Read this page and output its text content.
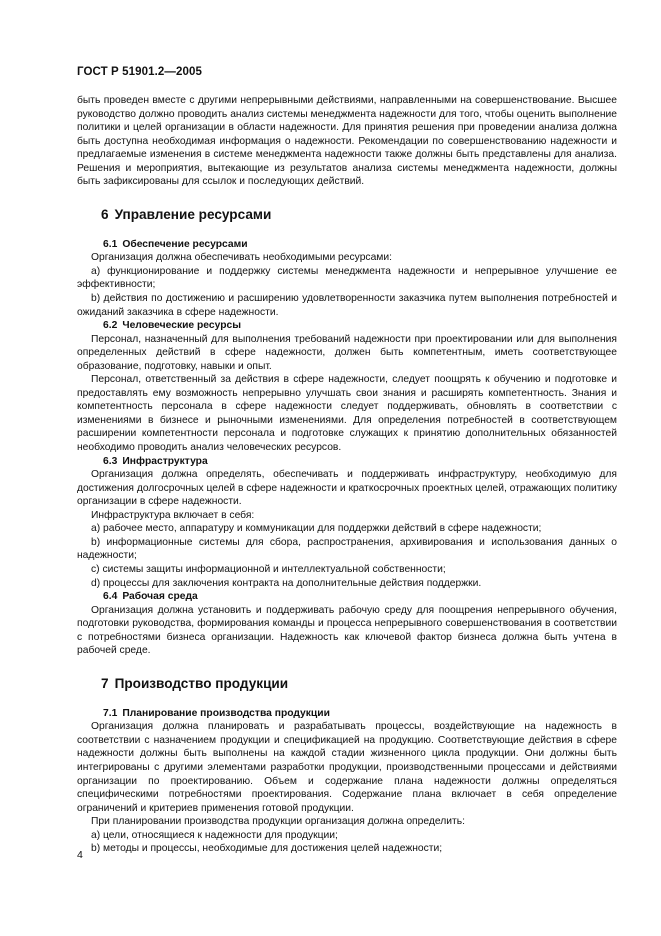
ГОСТ Р 51901.2—2005

быть проведен вместе с другими непрерывными действиями, направленными на совершенствование. Высшее руководство должно проводить анализ системы менеджмента надежности для того, чтобы оценить выполнение политики и целей организации в области надежности. Для принятия решения при проведении анализа должна быть доступна необходимая информация о надежности. Рекомендации по совершенствованию надежности и предлагаемые изменения в системе менеджмента надежности также должны быть представлены для анализа. Решения и мероприятия, вытекающие из результатов анализа системы менеджмента надежности, должны быть зафиксированы для ссылок и последующих действий.

6 Управление ресурсами

6.1 Обеспечение ресурсами

Организация должна обеспечивать необходимыми ресурсами:

а) функционирование и поддержку системы менеджмента надежности и непрерывное улучшение ее эффективности;

b) действия по достижению и расширению удовлетворенности заказчика путем выполнения потребностей и ожиданий заказчика в сфере надежности.

6.2 Человеческие ресурсы

Персонал, назначенный для выполнения требований надежности при проектировании или для выполнения определенных действий в сфере надежности, должен быть компетентным, иметь соответствующее образование, подготовку, навыки и опыт.

Персонал, ответственный за действия в сфере надежности, следует поощрять к обучению и подготовке и предоставлять ему возможность непрерывно улучшать свои знания и расширять компетентность. Знания и компетентность персонала в сфере надежности следует поддерживать, обновлять в соответствии с изменениями в бизнесе и рыночными изменениями. Для определения потребностей в соответствующем расширении компетентности персонала и подготовке служащих к принятию дополнительных обязанностей необходимо проводить анализ человеческих ресурсов.

6.3 Инфраструктура

Организация должна определять, обеспечивать и поддерживать инфраструктуру, необходимую для достижения долгосрочных целей в сфере надежности и краткосрочных проектных целей, отражающих политику организации в сфере надежности.

Инфраструктура включает в себя:

а) рабочее место, аппаратуру и коммуникации для поддержки действий в сфере надежности;

b) информационные системы для сбора, распространения, архивирования и использования данных о надежности;

c) системы защиты информационной и интеллектуальной собственности;

d) процессы для заключения контракта на дополнительные действия поддержки.

6.4 Рабочая среда

Организация должна установить и поддерживать рабочую среду для поощрения непрерывного обучения, подготовки руководства, формирования команды и процесса непрерывного совершенствования в соответствии с потребностями бизнеса организации. Надежность как ключевой фактор бизнеса должна быть учтена в рабочей среде.

7 Производство продукции

7.1 Планирование производства продукции

Организация должна планировать и разрабатывать процессы, воздействующие на надежность в соответствии с назначением продукции и спецификацией на продукцию. Соответствующие действия в сфере надежности должны быть выполнены на каждой стадии жизненного цикла продукции. Они должны быть интегрированы с другими элементами разработки продукции, производственными процессами и действиями организации по проектированию. Объем и содержание плана надежности должны определяться специфическими потребностями проектирования. Содержание плана включает в себя определение ограничений и критериев применения готовой продукции.

При планировании производства продукции организация должна определить:

а) цели, относящиеся к надежности для продукции;

b) методы и процессы, необходимые для достижения целей надежности;

4
